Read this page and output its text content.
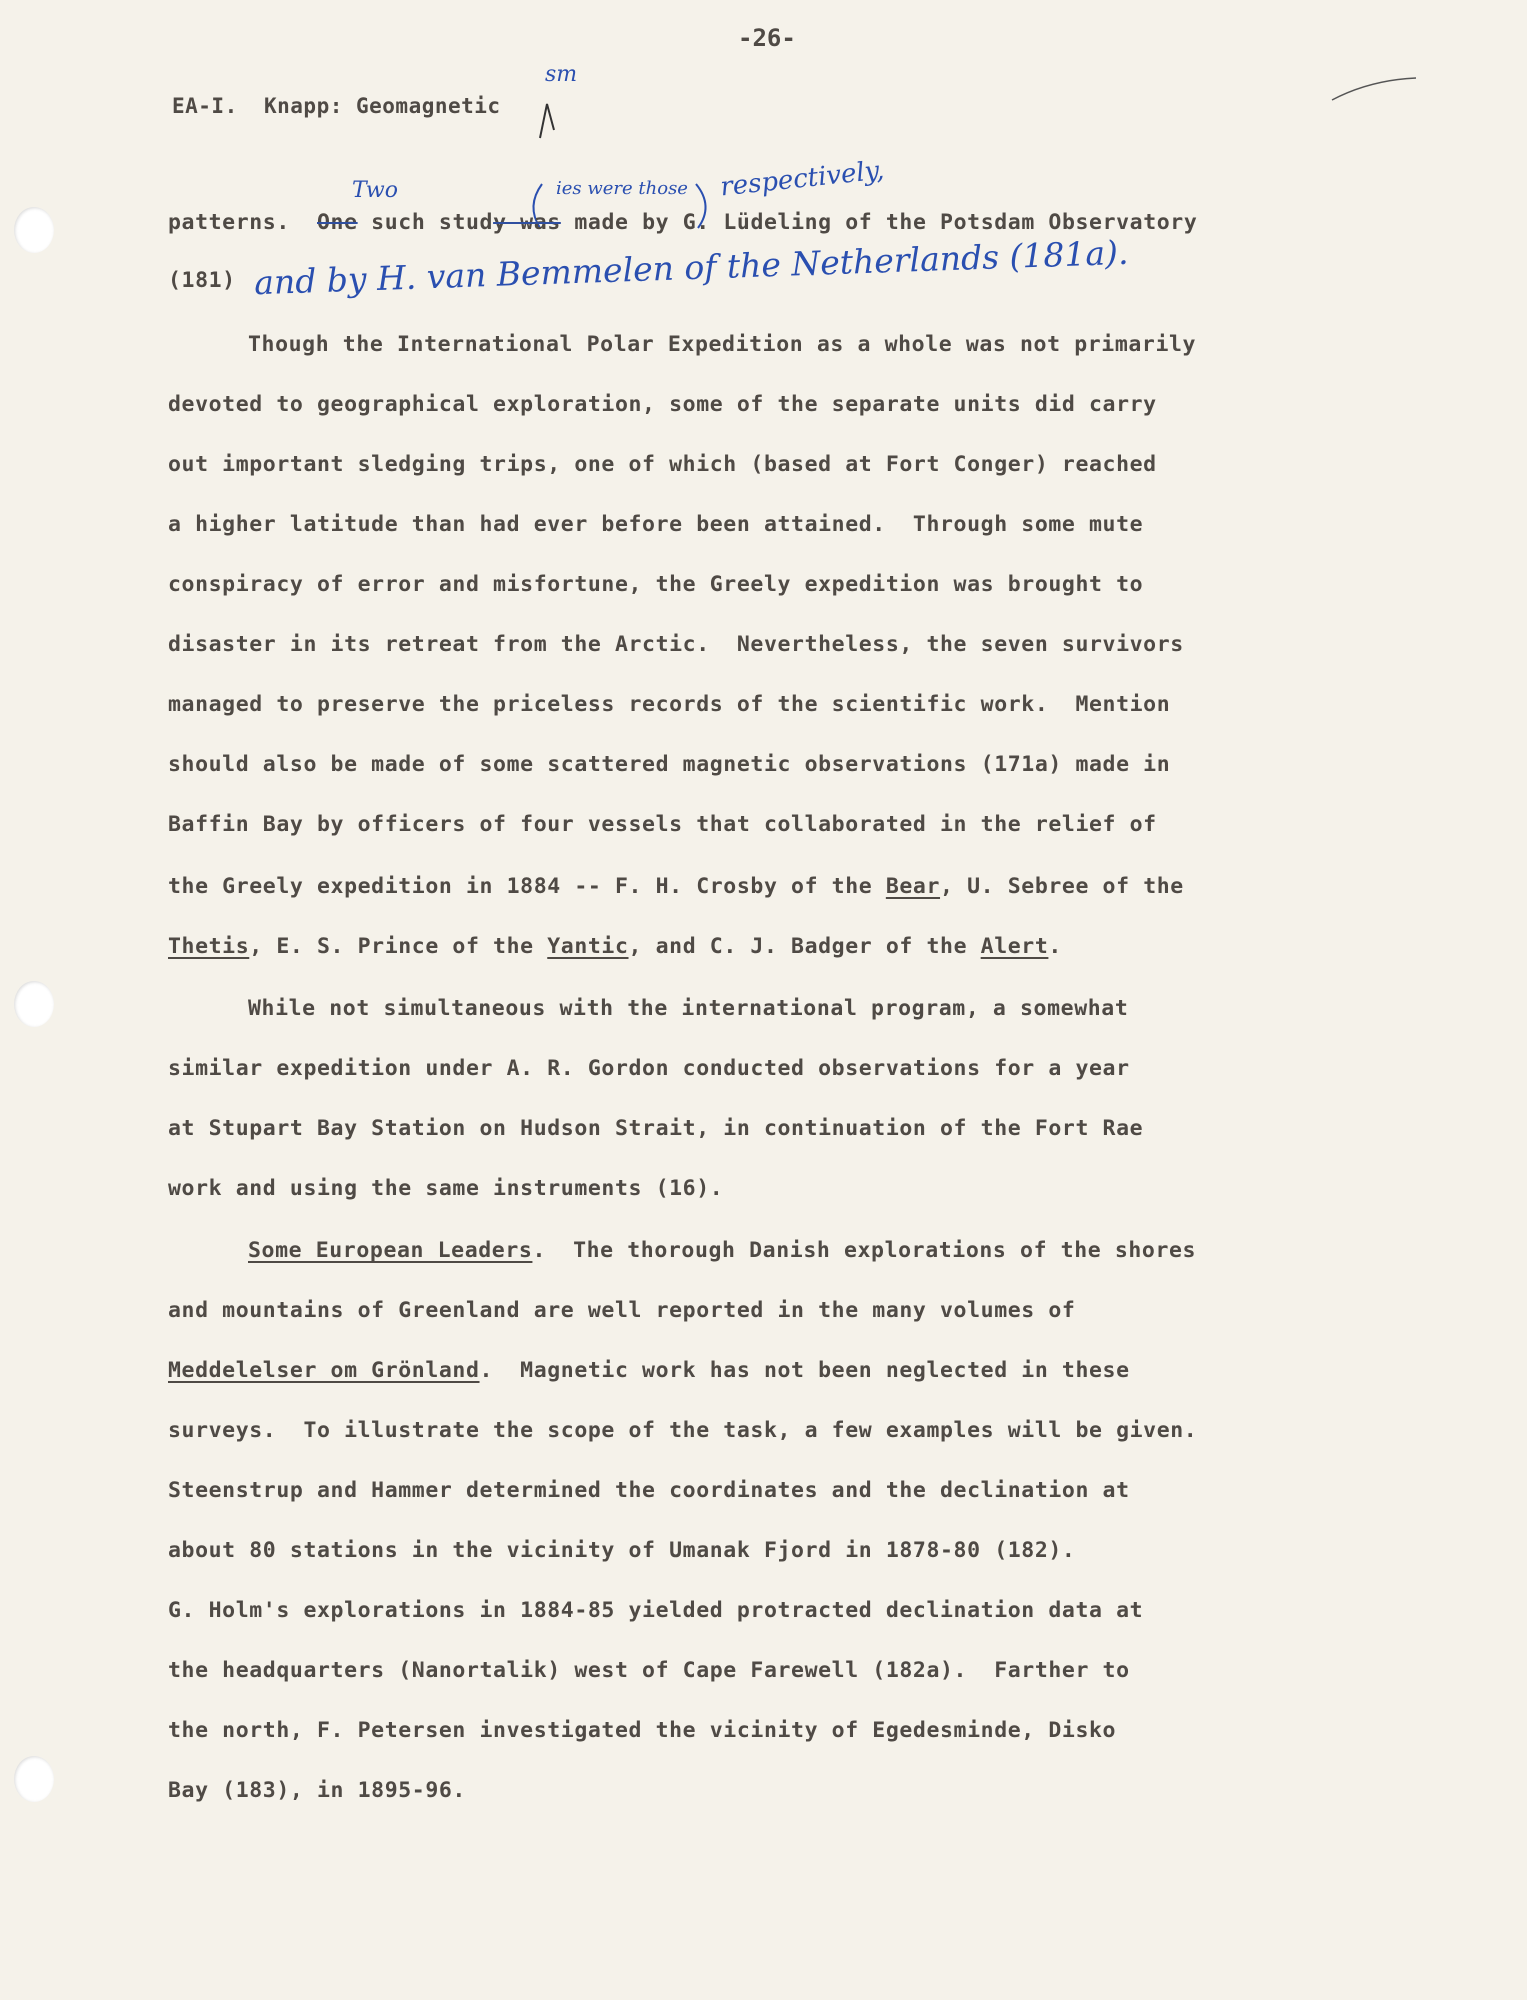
-26-
EA-I.  Knapp: Geomagnetic
sm
Two	ies were those respectively,
patterns.  One such study was made by G. Lüdeling of the Potsdam Observatory
(181) and by H. van Bemmelen of the Netherlands (181a).
Though the International Polar Expedition as a whole was not primarily
devoted to geographical exploration, some of the separate units did carry
out important sledging trips, one of which (based at Fort Conger) reached
a higher latitude than had ever before been attained.  Through some mute
conspiracy of error and misfortune, the Greely expedition was brought to
disaster in its retreat from the Arctic.  Nevertheless, the seven survivors
managed to preserve the priceless records of the scientific work.  Mention
should also be made of some scattered magnetic observations (171a) made in
Baffin Bay by officers of four vessels that collaborated in the relief of
the Greely expedition in 1884 -- F. H. Crosby of the Bear, U. Sebree of the
Thetis, E. S. Prince of the Yantic, and C. J. Badger of the Alert.
While not simultaneous with the international program, a somewhat
similar expedition under A. R. Gordon conducted observations for a year
at Stupart Bay Station on Hudson Strait, in continuation of the Fort Rae
work and using the same instruments (16).
Some European Leaders.  The thorough Danish explorations of the shores
and mountains of Greenland are well reported in the many volumes of
Meddelelser om Grönland.  Magnetic work has not been neglected in these
surveys.  To illustrate the scope of the task, a few examples will be given.
Steenstrup and Hammer determined the coordinates and the declination at
about 80 stations in the vicinity of Umanak Fjord in 1878-80 (182).
G. Holm's explorations in 1884-85 yielded protracted declination data at
the headquarters (Nanortalik) west of Cape Farewell (182a).  Farther to
the north, F. Petersen investigated the vicinity of Egedesminde, Disko
Bay (183), in 1895-96.
